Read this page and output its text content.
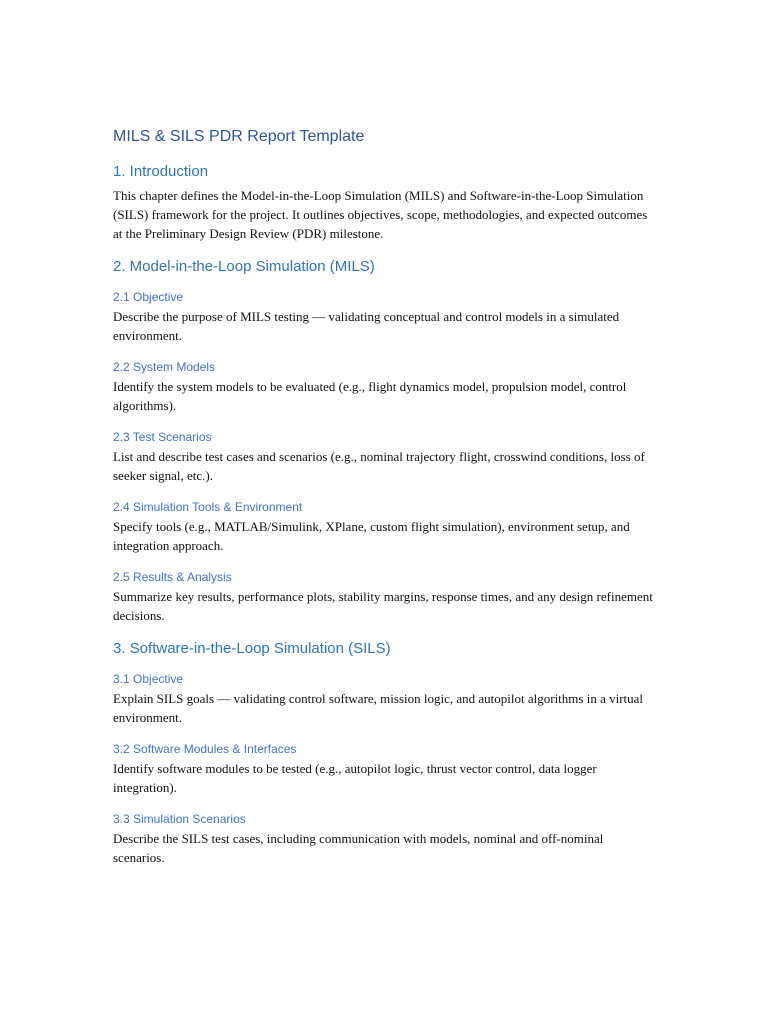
MILS & SILS PDR Report Template
1. Introduction

This chapter defines the Model-in-the-Loop Simulation (MILS) and Software-in-the-Loop Simulation (SILS) framework for the project. It outlines objectives, scope, methodologies, and expected outcomes at the Preliminary Design Review (PDR) milestone.

2. Model-in-the-Loop Simulation (MILS)
2.1 Objective

Describe the purpose of MILS testing — validating conceptual and control models in a simulated environment.

2.2 System Models

Identify the system models to be evaluated (e.g., flight dynamics model, propulsion model, control algorithms).

2.3 Test Scenarios

List and describe test cases and scenarios (e.g., nominal trajectory flight, crosswind conditions, loss of seeker signal, etc.).

2.4 Simulation Tools & Environment

Specify tools (e.g., MATLAB/Simulink, XPlane, custom flight simulation), environment setup, and integration approach.

2.5 Results & Analysis

Summarize key results, performance plots, stability margins, response times, and any design refinement decisions.

3. Software-in-the-Loop Simulation (SILS)
3.1 Objective

Explain SILS goals — validating control software, mission logic, and autopilot algorithms in a virtual environment.

3.2 Software Modules & Interfaces

Identify software modules to be tested (e.g., autopilot logic, thrust vector control, data logger integration).

3.3 Simulation Scenarios

Describe the SILS test cases, including communication with models, nominal and off-nominal scenarios.
